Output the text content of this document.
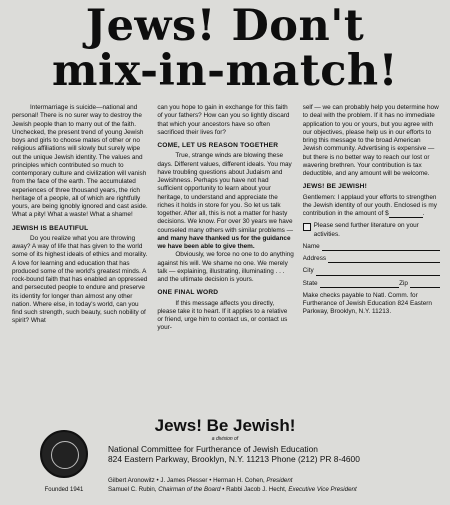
Jews! Don't
mix-in-match!

Intermarriage is suicide—national and personal! There is no surer way to destroy the Jewish people than to marry out of the faith. Unchecked, the present trend of young Jewish boys and girls to choose mates of other or no religious affiliations will slowly but surely wipe out the unique Jewish identity. The values and principles which contributed so much to contemporary culture and civilization will vanish from the face of the earth. The accumulated experiences of three thousand years, the rich heritage of a people, all of which are rightfully yours, are being ignobly ignored and cast aside. What a pity! What a waste! What a shame!

JEWISH IS BEAUTIFUL

Do you realize what you are throwing away? A way of life that has given to the world some of its highest ideals of ethics and morality. A love for learning and education that has produced some of the world's greatest minds. A rock-bound faith that has enabled an oppressed and persecuted people to endure and preserve its identity for longer than almost any other nation. Where else, in today's world, can you find such strength, such beauty, such nobility of spirit? What

can you hope to gain in exchange for this faith of your fathers? How can you so lightly discard that which your ancestors have so often sacrificed their lives for?

COME, LET US REASON TOGETHER

True, strange winds are blowing these days. Different values, different ideals. You may have troubling questions about Judaism and Jewishness. Perhaps you have not had sufficient opportunity to learn about your heritage, to understand and appreciate the riches it holds in store for you. So let us talk together. After all, this is not a matter for hasty decisions. We know. For over 30 years we have counseled many others with similar problems — and many have thanked us for the guidance we have been able to give them.

Obviously, we force no one to do anything against his will. We shame no one. We merely talk — explaining, illustrating, illuminating . . . and the ultimate decision is yours.

ONE FINAL WORD

If this message affects you directly, please take it to heart. If it applies to a relative or friend, urge him to contact us, or contact us your-

self — we can probably help you determine how to deal with the problem. If it has no immediate application to you or yours, but you agree with our objectives, please help us in our efforts to bring this message to the broad American Jewish community. Advertising is expensive — but there is no better way to reach our lost or wavering brethren. Your contribution is tax deductible, and any amount will be welcome.

JEWS! BE JEWISH!

Gentlemen: I applaud your efforts to strengthen the Jewish identity of our youth. Enclosed is my contribution in the amount of $	.

Please send further literature on your activities.
Name
Address
City
State	Zip

Make checks payable to Natl. Comm. for Furtherance of Jewish Education 824 Eastern Parkway, Brooklyn, N.Y. 11213.

Jews! Be Jewish!
a division of
Founded 1941
National Committee for Furtherance of Jewish Education
824 Eastern Parkway, Brooklyn, N.Y. 11213 Phone (212) PR 8-4600
Gilbert Aronowitz • J. James Plesser • Herman H. Cohen, President
Samuel C. Rubin, Chairman of the Board • Rabbi Jacob J. Hecht, Executive Vice President
